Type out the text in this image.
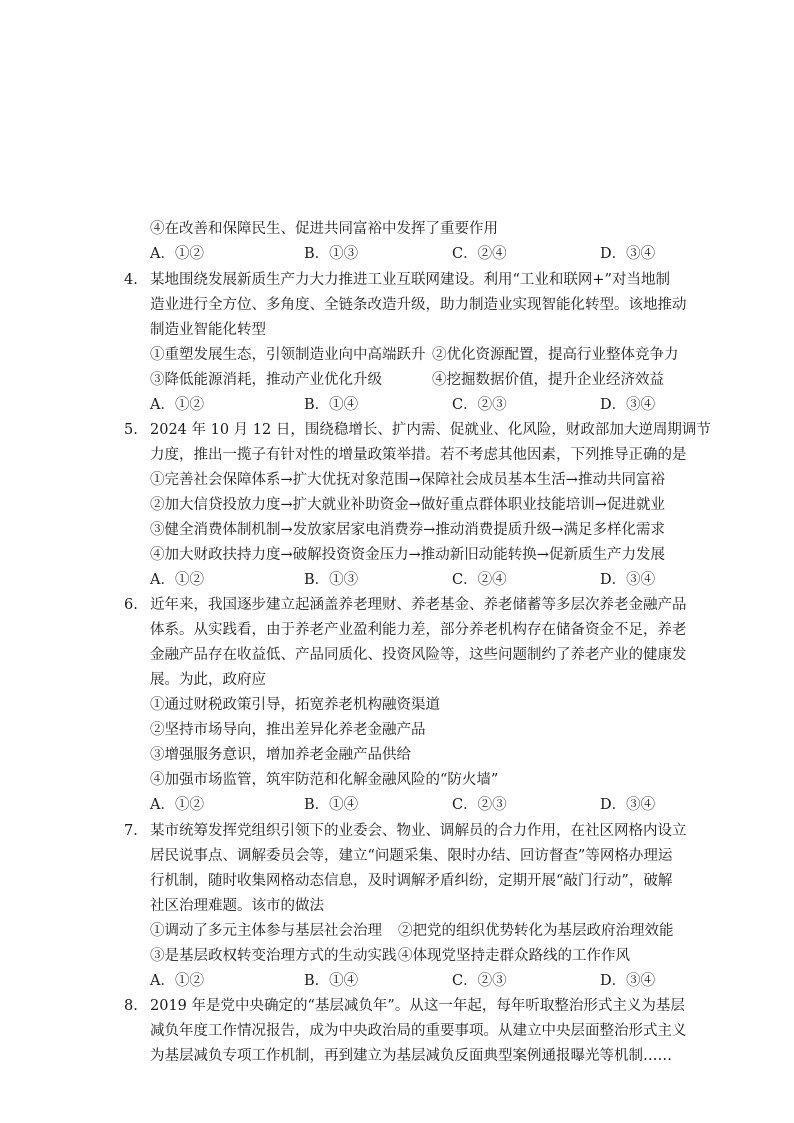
④在改善和保障民生、促进共同富裕中发挥了重要作用
A．①②	B．①③	C．②④	D．③④
4. 某地围绕发展新质生产力大力推进工业互联网建设。利用“工业和联网+”对当地制
造业进行全方位、多角度、全链条改造升级，助力制造业实现智能化转型。该地推动
制造业智能化转型
①重塑发展生态，引领制造业向中高端跃升 ②优化资源配置，提高行业整体竞争力
③降低能源消耗，推动产业优化升级	④挖掘数据价值，提升企业经济效益
A．①②	B．①④	C．②③	D．③④
5. 2024 年 10 月 12 日，围绕稳增长、扩内需、促就业、化风险，财政部加大逆周期调节
力度，推出一揽子有针对性的增量政策举措。若不考虑其他因素，下列推导正确的是
①完善社会保障体系→扩大优抚对象范围→保障社会成员基本生活→推动共同富裕
②加大信贷投放力度→扩大就业补助资金→做好重点群体职业技能培训→促进就业
③健全消费体制机制→发放家居家电消费券→推动消费提质升级→满足多样化需求
④加大财政扶持力度→破解投资资金压力→推动新旧动能转换→促新质生产力发展
A．①②	B．①③	C．②④	D．③④
6. 近年来，我国逐步建立起涵盖养老理财、养老基金、养老储蓄等多层次养老金融产品
体系。从实践看，由于养老产业盈利能力差，部分养老机构存在储备资金不足，养老
金融产品存在收益低、产品同质化、投资风险等，这些问题制约了养老产业的健康发
展。为此，政府应
①通过财税政策引导，拓宽养老机构融资渠道
②坚持市场导向，推出差异化养老金融产品
③增强服务意识，增加养老金融产品供给
④加强市场监管，筑牢防范和化解金融风险的“防火墙”
A．①②	B．①④	C．②③	D．③④
7. 某市统筹发挥党组织引领下的业委会、物业、调解员的合力作用，在社区网格内设立
居民说事点、调解委员会等，建立“问题采集、限时办结、回访督查”等网格办理运
行机制，随时收集网格动态信息，及时调解矛盾纠纷，定期开展“敲门行动”，破解
社区治理难题。该市的做法
①调动了多元主体参与基层社会治理 ②把党的组织优势转化为基层政府治理效能
③是基层政权转变治理方式的生动实践 ④体现党坚持走群众路线的工作作风
A．①②	B．①④	C．②③	D．③④
8. 2019 年是党中央确定的“基层减负年”。从这一年起，每年听取整治形式主义为基层
减负年度工作情况报告，成为中央政治局的重要事项。从建立中央层面整治形式主义
为基层减负专项工作机制，再到建立为基层减负反面典型案例通报曝光等机制……
